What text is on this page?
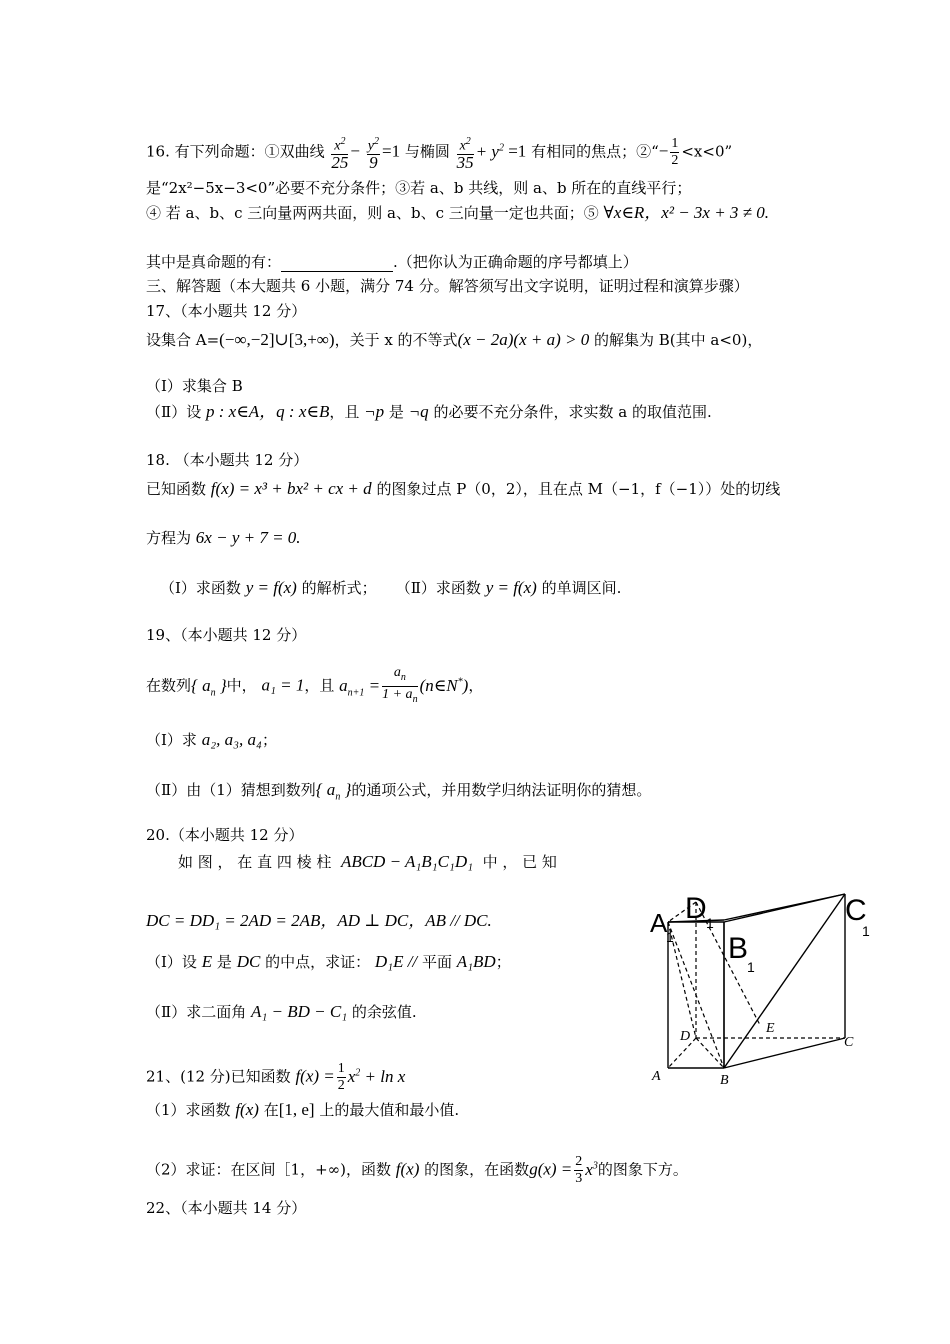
16. 有下列命题：①双曲线 $\frac{x^2}{25} - \frac{y^2}{9} =1$ 与椭圆 $\frac{x^2}{35} + y^2 =1$ 有相同的焦点；②“− $\frac{1}{2} <x<0$”
是“2x²−5x−3<0”必要不充分条件；③若 a、b 共线，则 a、b 所在的直线平行；
④ 若 a、b、c 三向量两两共面，则 a、b、c 三向量一定也共面；⑤ ∀x∈R，x² − 3x + 3 ≠ 0.
其中是真命题的有：	.（把你认为正确命题的序号都填上）
三、解答题（本大题共 6 小题，满分 74 分。解答须写出文字说明，证明过程和演算步骤）
17、（本小题共 12 分）
设集合 A=(−∞,−2]∪[3,+∞)，关于 x 的不等式(x − 2a)(x + a) > 0 的解集为 B(其中 a<0)，
（Ⅰ）求集合 B
（Ⅱ）设 p : x∈A，q : x∈B，且 ¬p 是 ¬q 的必要不充分条件，求实数 a 的取值范围.
18. （本小题共 12 分）
已知函数 f(x) = x³ + bx² + cx + d 的图象过点 P（0，2），且在点 M（−1，f（−1））处的切线
方程为 6x − y + 7 = 0.
（Ⅰ）求函数 y = f(x) 的解析式； （Ⅱ）求函数 y = f(x) 的单调区间.
19、（本小题共 12 分）
在数列{ $a_n$ }中， a₁ = 1，且 $a_{n+1} = \frac{a_n}{1 + a_n}$ (n∈N*)，
（Ⅰ）求 a₂, a₃, a₄；
（Ⅱ）由（1）猜想到数列{ $a_n$ }的通项公式，并用数学归纳法证明你的猜想。
20.（本小题共 12 分）
如 图 ， 在 直 四 棱 柱 ABCD − A₁B₁C₁D₁ 中 ， 已 知
DC = DD₁ = 2AD = 2AB，AD ⊥ DC，AB // DC.
（Ⅰ）设 E 是 DC 的中点，求证： D₁E // 平面 A₁BD；
（Ⅱ）求二面角 A₁ − BD − C₁ 的余弦值.
21、(12 分)已知函数 $f(x) = \frac{1}{2} x^2 + \ln x$
（1）求函数 f(x) 在[1, e] 上的最大值和最小值.
（2）求证：在区间［1，+∞)，函数 f(x) 的图象，在函数$g(x) = \frac{2}{3} x^3$的图象下方。
22、（本小题共 14 分）
A
1
D 1
B
1
C
1
A	B
C
D
E
